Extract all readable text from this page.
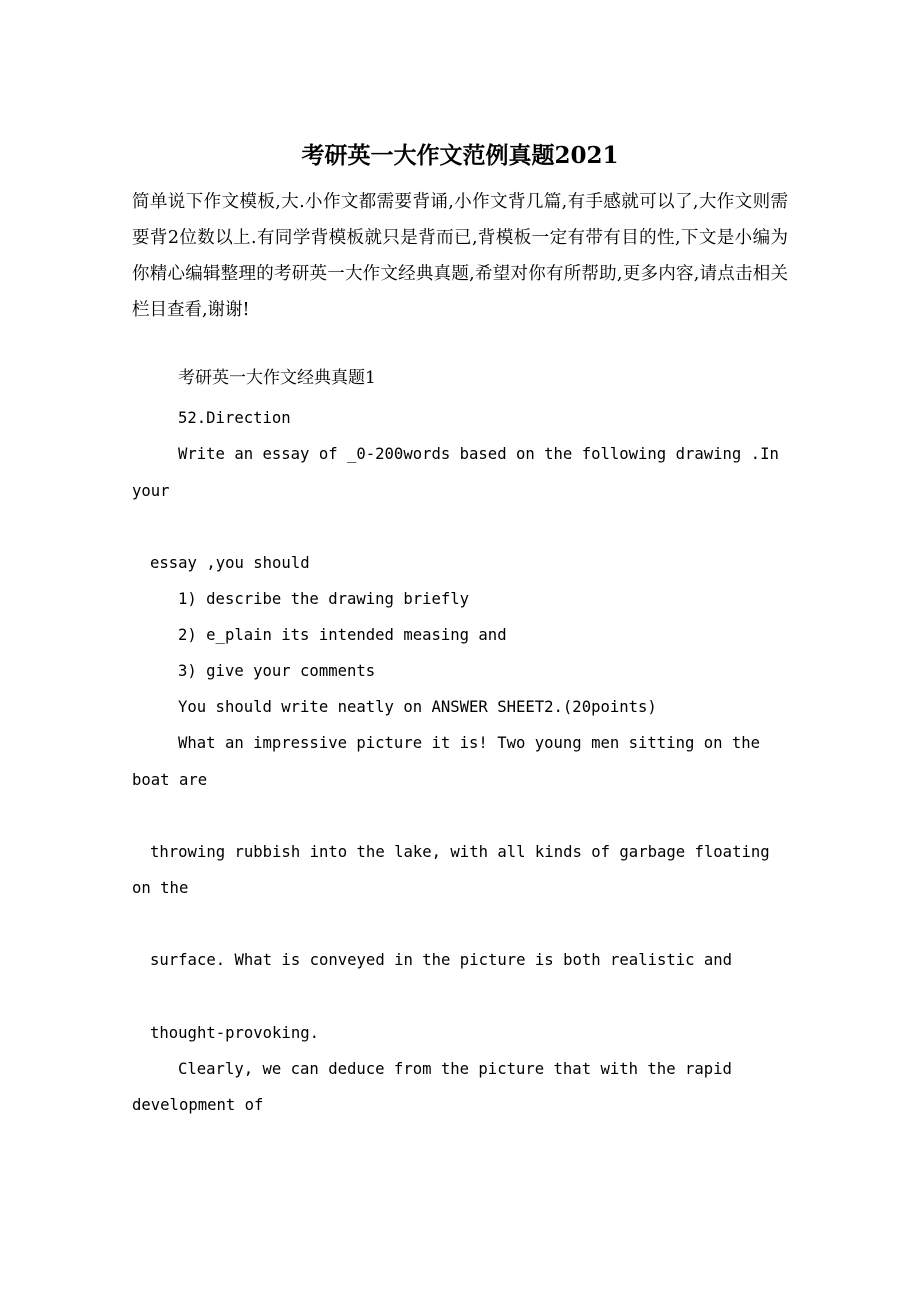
考研英一大作文范例真题2021

简单说下作文模板,大.小作文都需要背诵,小作文背几篇,有手感就可以了,大作文则需要背2位数以上.有同学背模板就只是背而已,背模板一定有带有目的性,下文是小编为你精心编辑整理的考研英一大作文经典真题,希望对你有所帮助,更多内容,请点击相关栏目查看,谢谢!

考研英一大作文经典真题1

52.Direction

Write an essay of _0-200words based on the following drawing .In

your

essay ,you should

1) describe the drawing briefly

2) e_plain its intended measing and

3) give your comments

You should write neatly on ANSWER SHEET2.(20points)

What an impressive picture it is! Two young men sitting on the

boat are

throwing rubbish into the lake, with all kinds of garbage floating

on the

surface. What is conveyed in the picture is both realistic and

thought-provoking.

Clearly, we can deduce from the picture that with the rapid

development of
